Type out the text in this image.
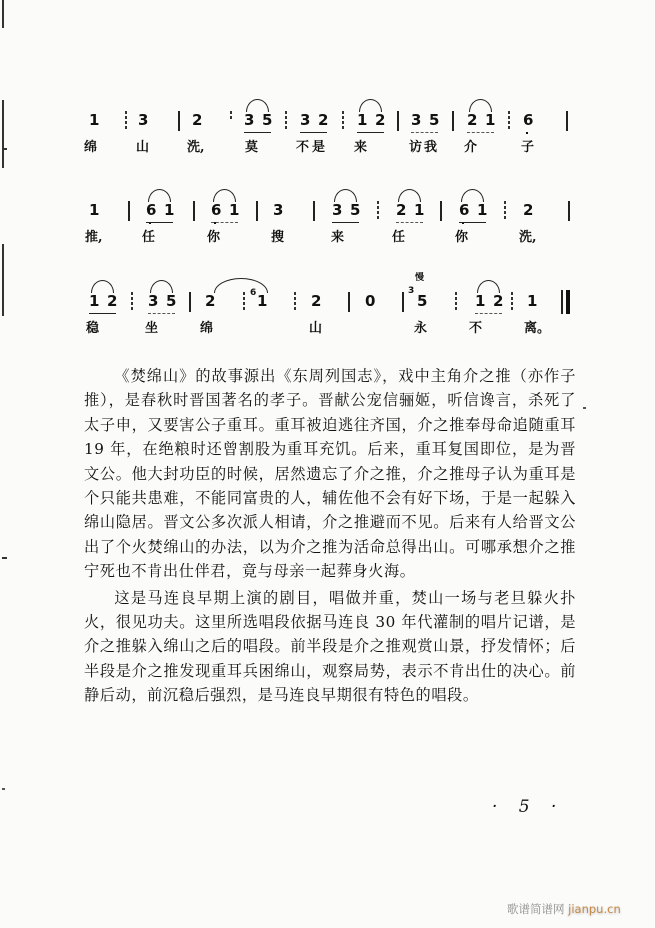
1	3	2	3 5 3 2 1 2 3 5 2 1 6
绵	山	洗,	莫	不是 来	访我 介	子
1	6 1 6 1 3	3 5 2 1 6 1 2
推,	任	你	搜	来	任	你	洗,
1 2 3 5 2	6 1	2	0
慢
3
5	1 2 1
稳	坐	绵	山	永	不	离。

《焚绵山》的故事源出《东周列国志》，戏中主角介之推（亦作子推），是春秋时晋国著名的孝子。晋献公宠信骊姬，听信谗言，杀死了太子申，又要害公子重耳。重耳被迫逃往齐国，介之推奉母命追随重耳 19 年，在绝粮时还曾割股为重耳充饥。后来，重耳复国即位，是为晋文公。他大封功臣的时候，居然遗忘了介之推，介之推母子认为重耳是个只能共患难，不能同富贵的人，辅佐他不会有好下场，于是一起躲入绵山隐居。晋文公多次派人相请，介之推避而不见。后来有人给晋文公出了个火焚绵山的办法，以为介之推为活命总得出山。可哪承想介之推宁死也不肯出仕伴君，竟与母亲一起葬身火海。

这是马连良早期上演的剧目，唱做并重，焚山一场与老旦躲火扑火，很见功夫。这里所选唱段依据马连良 30 年代灌制的唱片记谱，是介之推躲入绵山之后的唱段。前半段是介之推观赏山景，抒发情怀；后半段是介之推发现重耳兵困绵山，观察局势，表示不肯出仕的决心。前静后动，前沉稳后强烈，是马连良早期很有特色的唱段。

· 5 ·
歌谱简谱网 jianpu.cn
